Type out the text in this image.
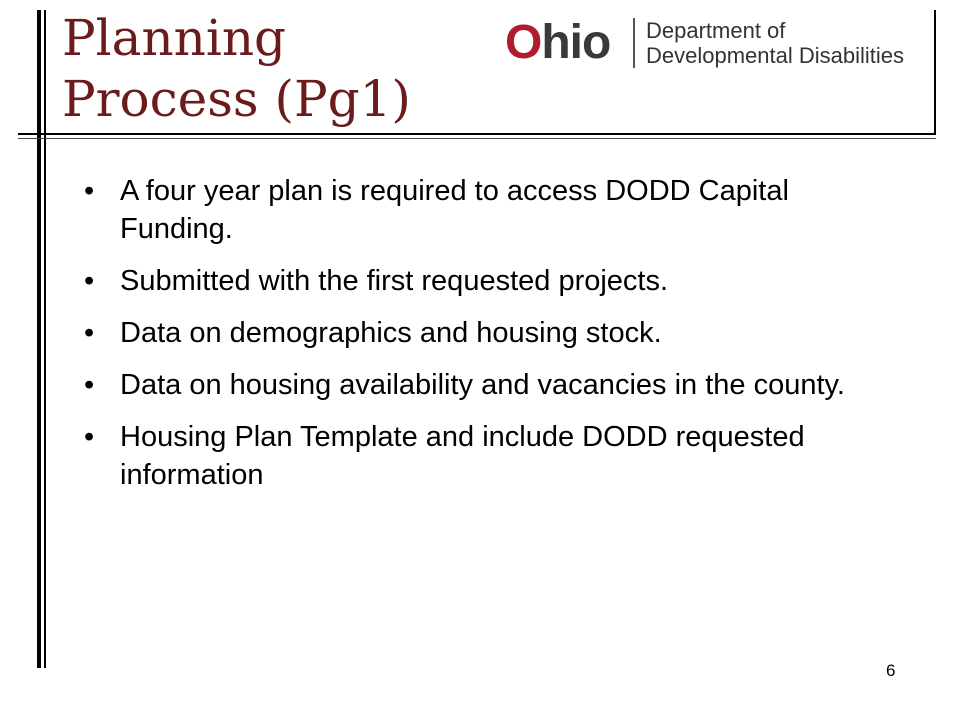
Planning
Process (Pg1)
Ohio Department of
Developmental Disabilities
• A four year plan is required to access DODD Capital Funding.
• Submitted with the first requested projects.
• Data on demographics and housing stock.
• Data on housing availability and vacancies in the county.
• Housing Plan Template and include DODD requested information
6
